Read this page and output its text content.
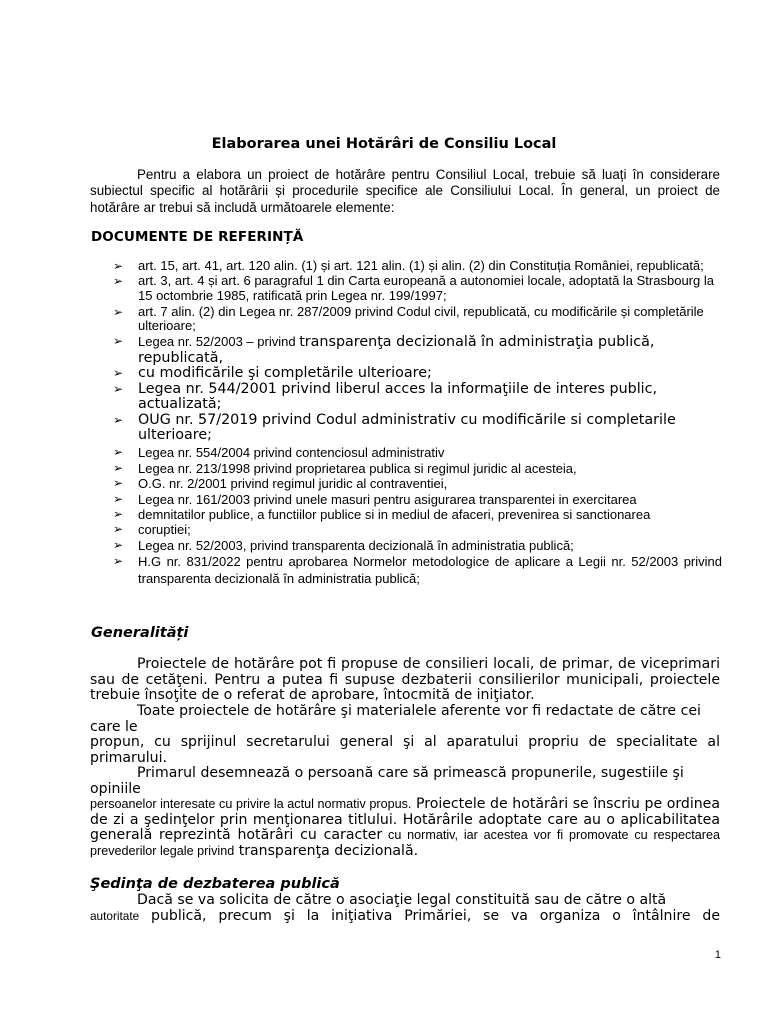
Elaborarea unei Hotărâri de Consiliu Local
Pentru a elabora un proiect de hotărâre pentru Consiliul Local, trebuie să luați în considerare subiectul specific al hotărârii și procedurile specifice ale Consiliului Local. În general, un proiect de hotărâre ar trebui să includă următoarele elemente:
DOCUMENTE DE REFERINȚĂ
➢ art. 15, art. 41, art. 120 alin. (1) și art. 121 alin. (1) și alin. (2) din Constituția României, republicată;
➢ art. 3, art. 4 și art. 6 paragraful 1 din Carta europeană a autonomiei locale, adoptată la Strasbourg la 15 octombrie 1985, ratificată prin Legea nr. 199/1997;
➢ art. 7 alin. (2) din Legea nr. 287/2009 privind Codul civil, republicată, cu modificările și completările ulterioare;
➢ Legea nr. 52/2003 – privind transparenţa decizională în administraţia publică, republicată,
➢ cu modificările şi completările ulterioare;
➢ Legea nr. 544/2001 privind liberul acces la informaţiile de interes public, actualizată;
➢ OUG nr. 57/2019 privind Codul administrativ cu modificările si completarile ulterioare;
➢ Legea nr. 554/2004 privind contenciosul administrativ
➢ Legea nr. 213/1998 privind proprietarea publica si regimul juridic al acesteia,
➢ O.G. nr. 2/2001 privind regimul juridic al contraventiei,
➢ Legea nr. 161/2003 privind unele masuri pentru asigurarea transparentei in exercitarea
➢ demnitatilor publice, a functiilor publice si in mediul de afaceri, prevenirea si sanctionarea
➢ coruptiei;
➢ Legea nr. 52/2003, privind transparenta decizională în administratia publică;
➢ H.G nr. 831/2022 pentru aprobarea Normelor metodologice de aplicare a Legii nr. 52/2003 privind transparenta decizională în administratia publică;
Generalități
Proiectele de hotărâre pot fi propuse de consilieri locali, de primar, de viceprimari sau de cetăţeni. Pentru a putea fi supuse dezbaterii consilierilor municipali, proiectele trebuie însoţite de o referat de aprobare, întocmită de iniţiator.
Toate proiectele de hotărâre şi materialele aferente vor fi redactate de către cei care le
propun, cu sprijinul secretarului general şi al aparatului propriu de specialitate al primarului.
Primarul desemnează o persoană care să primească propunerile, sugestiile şi opiniile
persoanelor interesate cu privire la actul normativ propus. Proiectele de hotărâri se înscriu pe ordinea de zi a şedinţelor prin menţionarea titlului. Hotărârile adoptate care au o aplicabilitatea generală reprezintă hotărâri cu caracter cu normativ, iar acestea vor fi promovate cu respectarea prevederilor legale privind transparenţa decizională.
Şedinţa de dezbaterea publică
Dacă se va solicita de către o asociaţie legal constituită sau de către o altă
autoritate publică, precum şi la iniţiativa Primăriei, se va organiza o întâlnire de
1
